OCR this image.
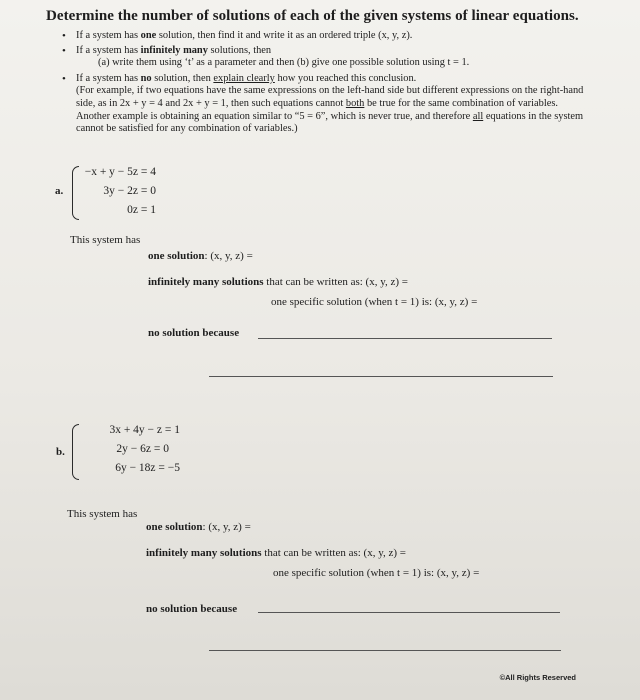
Determine the number of solutions of each of the given systems of linear equations.
• If a system has one solution, then find it and write it as an ordered triple (x, y, z).
• If a system has infinitely many solutions, then
(a) write them using ‘t’ as a parameter and then (b) give one possible solution using t = 1.
• If a system has no solution, then explain clearly how you reached this conclusion.
(For example, if two equations have the same expressions on the left-hand side but different expressions on the right-hand side, as in 2x + y = 4 and 2x + y = 1, then such equations cannot both be true for the same combination of variables. Another example is obtaining an equation similar to “5 = 6”, which is never true, and therefore all equations in the system cannot be satisfied for any combination of variables.)
a.
−x + y − 5z = 4
3y − 2z = 0
0z = 1
This system has
one solution: (x, y, z) =
infinitely many solutions that can be written as: (x, y, z) =
one specific solution (when t = 1) is: (x, y, z) =
no solution because
b.
3x + 4y − z = 1
2y − 6z = 0
6y − 18z = −5
This system has
one solution: (x, y, z) =
infinitely many solutions that can be written as: (x, y, z) =
one specific solution (when t = 1) is: (x, y, z) =
no solution because
©All Rights Reserved
